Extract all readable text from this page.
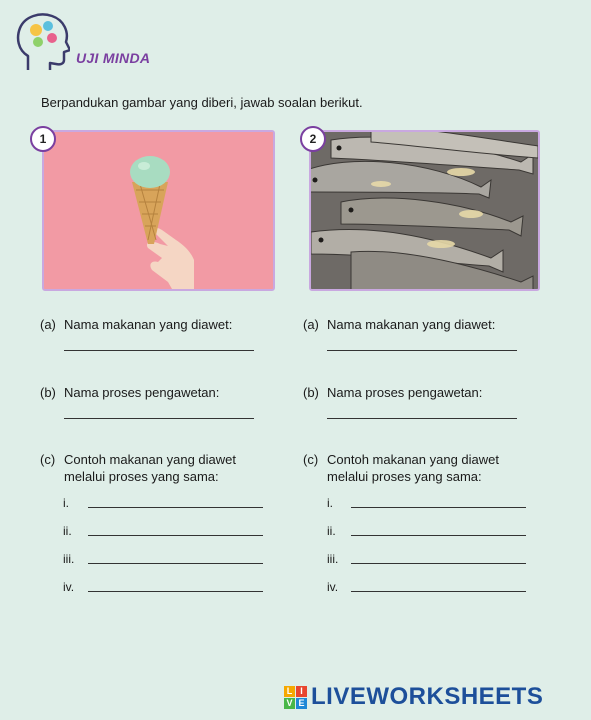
UJI MINDA
Berpandukan gambar yang diberi, jawab soalan berikut.
1	2
(a) Nama makanan yang diawet:
(b) Nama proses pengawetan:
(c) Contoh makanan yang diawet
melalui proses yang sama:
i.
ii.
iii.
iv.
(a) Nama makanan yang diawet:
(b) Nama proses pengawetan:
(c) Contoh makanan yang diawet
melalui proses yang sama:
i.
ii.
iii.
iv.
L I
V E LIVEWORKSHEETS
